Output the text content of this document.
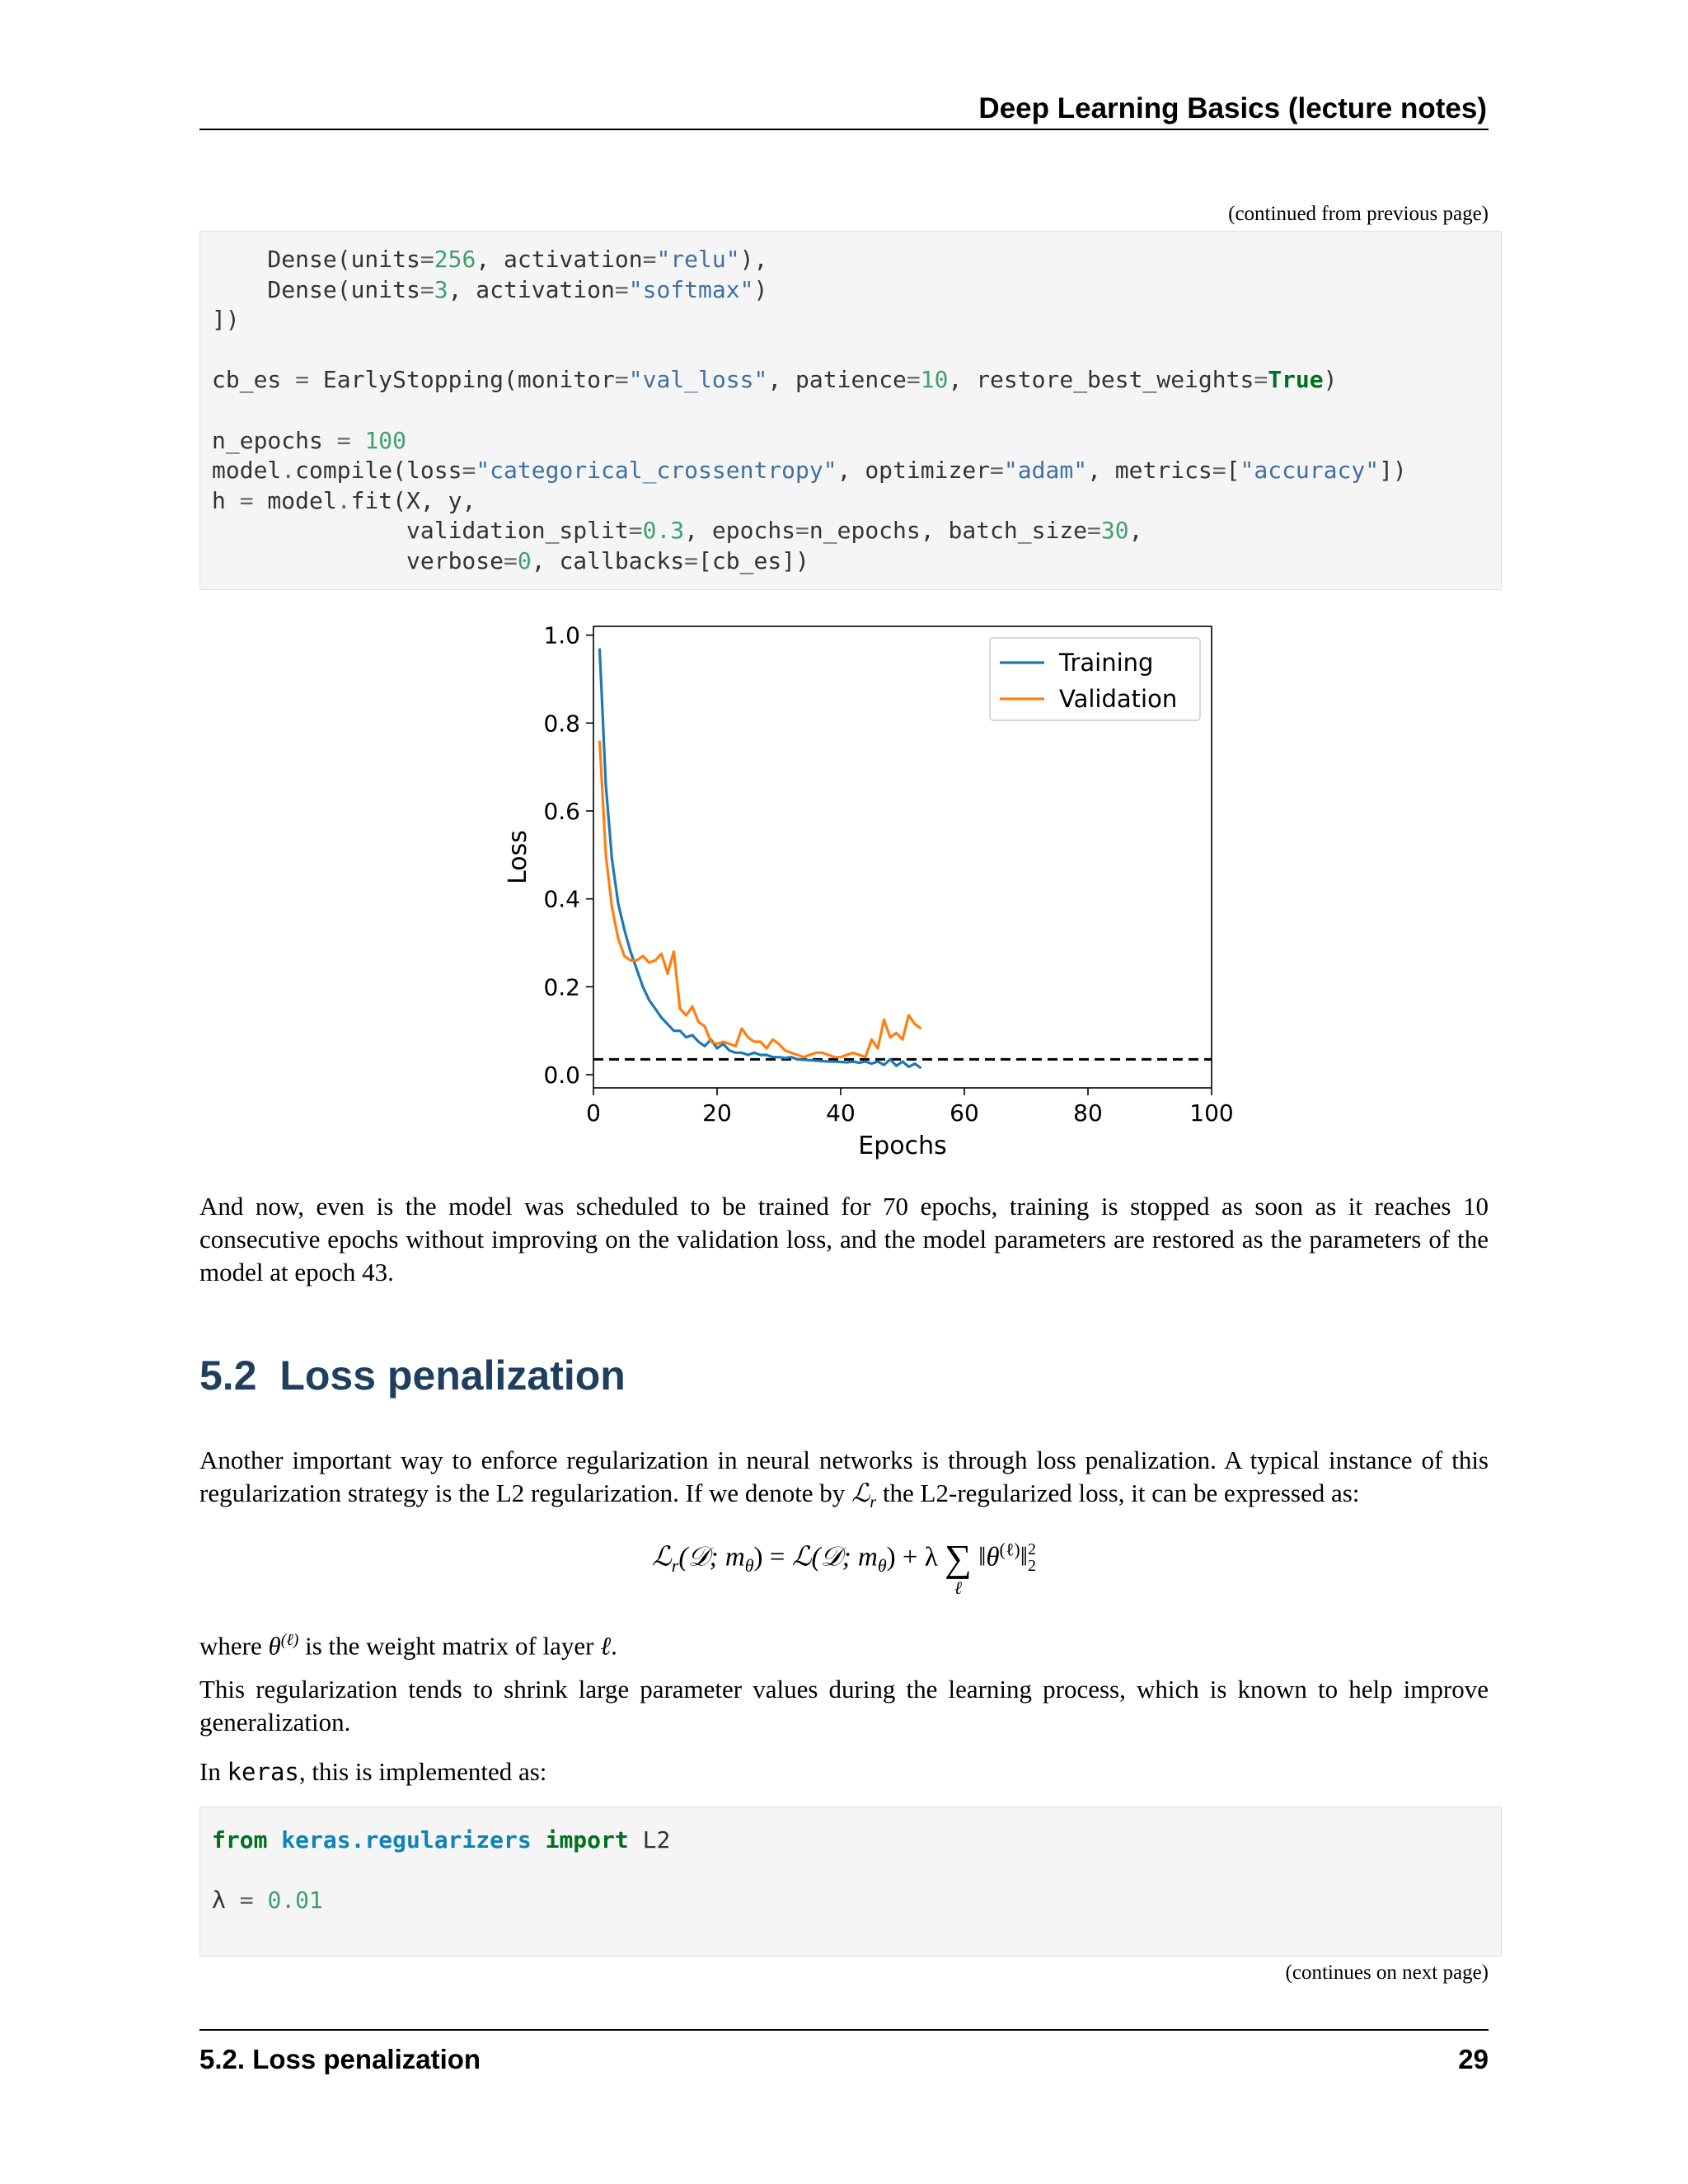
Deep Learning Basics (lecture notes)
(continued from previous page)
Dense(units=256, activation="relu"),
Dense(units=3, activation="softmax")
])
cb_es = EarlyStopping(monitor="val_loss", patience=10, restore_best_weights=True)
n_epochs = 100
model.compile(loss="categorical_crossentropy", optimizer="adam", metrics=["accuracy"])
h = model.fit(X, y,
validation_split=0.3, epochs=n_epochs, batch_size=30,
verbose=0, callbacks=[cb_es])
0	20	40	60	80	100
0.0
0.2
0.4
0.6
0.8
1.0
Epochs
Loss
Training
Validation
And now, even is the model was scheduled to be trained for 70 epochs, training is stopped as soon as it reaches 10 consecutive epochs without improving on the validation loss, and the model parameters are restored as the parameters of the model at epoch 43.
5.2 Loss penalization
Another important way to enforce regularization in neural networks is through loss penalization. A typical instance of this regularization strategy is the L2 regularization. If we denote by ℒ$_r$ the L2-regularized loss, it can be expressed as:
ℒ$_r$(𝒟; $m_\theta$) = ℒ(𝒟; $m_\theta) + \lambda$ ∑
ℓ
$‖\theta^{(\ell)}‖$ 2
2
where $\theta^{(\ell)}$ is the weight matrix of layer ℓ.
This regularization tends to shrink large parameter values during the learning process, which is known to help improve generalization.
In keras, this is implemented as:
from keras.regularizers import L2
λ = 0.01
(continues on next page)
5.2. Loss penalization	29
